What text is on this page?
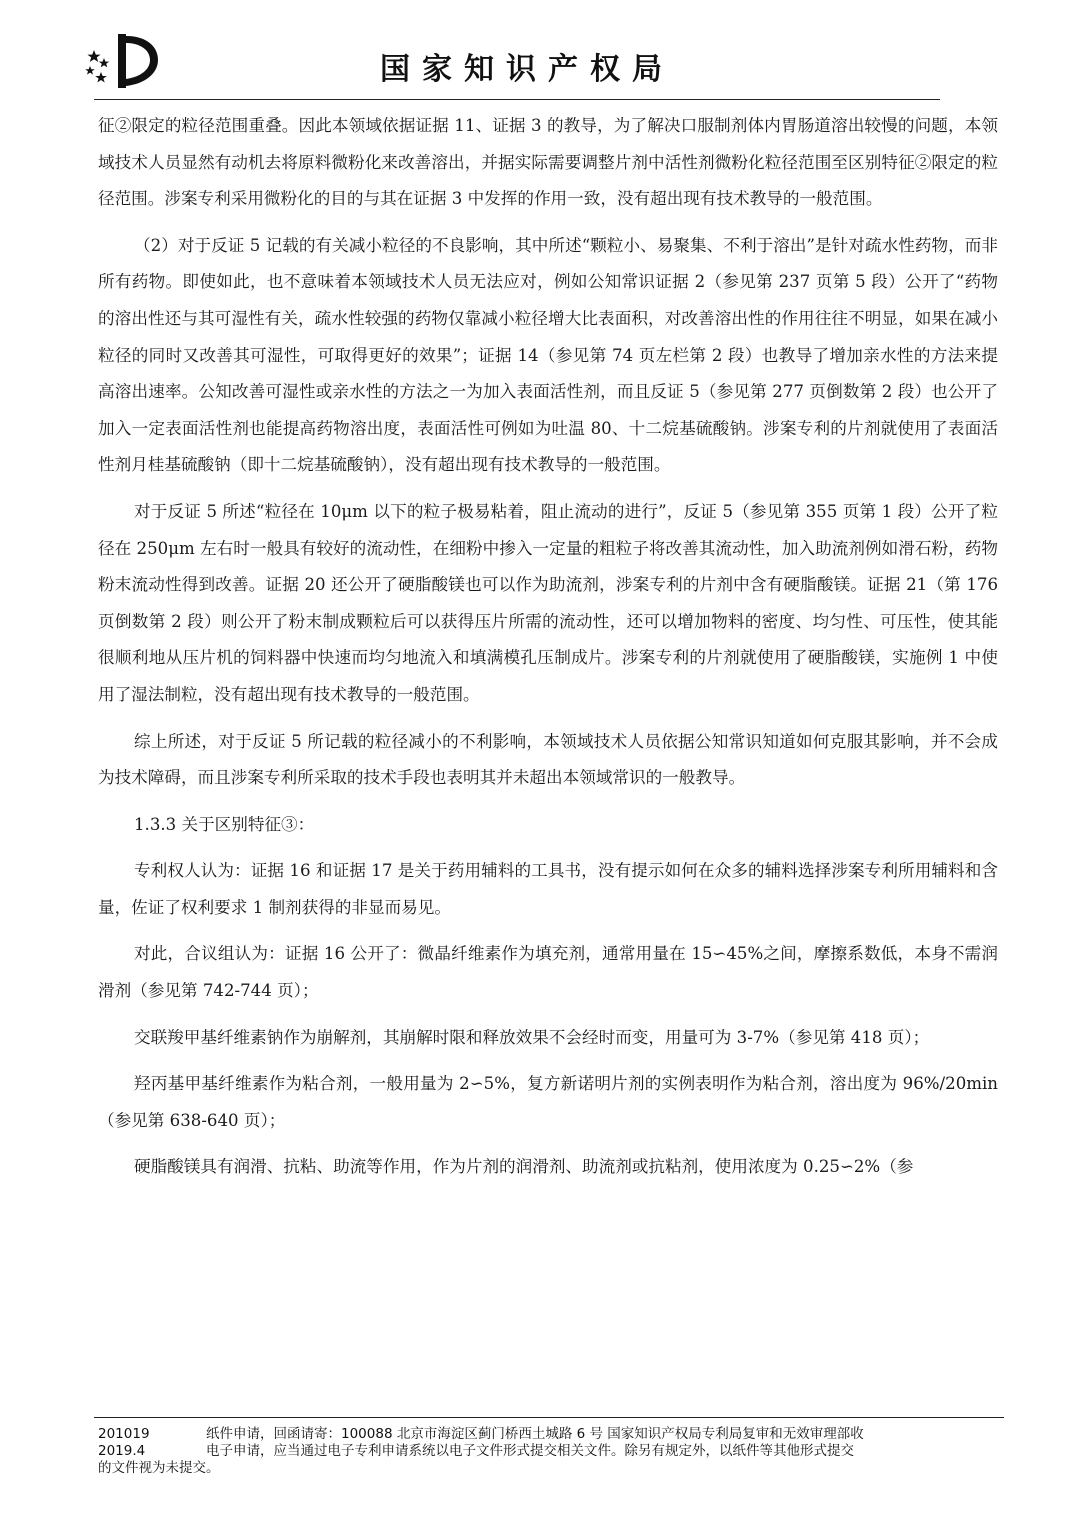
国家知识产权局

征②限定的粒径范围重叠。因此本领域依据证据 11、证据 3 的教导，为了解决口服制剂体内胃肠道溶出较慢的问题，本领域技术人员显然有动机去将原料微粉化来改善溶出，并据实际需要调整片剂中活性剂微粉化粒径范围至区别特征②限定的粒径范围。涉案专利采用微粉化的目的与其在证据 3 中发挥的作用一致，没有超出现有技术教导的一般范围。

（2）对于反证 5 记载的有关减小粒径的不良影响，其中所述“颗粒小、易聚集、不利于溶出”是针对疏水性药物，而非所有药物。即使如此，也不意味着本领域技术人员无法应对，例如公知常识证据 2（参见第 237 页第 5 段）公开了“药物的溶出性还与其可湿性有关，疏水性较强的药物仅靠减小粒径增大比表面积，对改善溶出性的作用往往不明显，如果在减小粒径的同时又改善其可湿性，可取得更好的效果”；证据 14（参见第 74 页左栏第 2 段）也教导了增加亲水性的方法来提高溶出速率。公知改善可湿性或亲水性的方法之一为加入表面活性剂，而且反证 5（参见第 277 页倒数第 2 段）也公开了加入一定表面活性剂也能提高药物溶出度，表面活性可例如为吐温 80、十二烷基硫酸钠。涉案专利的片剂就使用了表面活性剂月桂基硫酸钠（即十二烷基硫酸钠），没有超出现有技术教导的一般范围。

对于反证 5 所述“粒径在 10μm 以下的粒子极易粘着，阻止流动的进行”，反证 5（参见第 355 页第 1 段）公开了粒径在 250μm 左右时一般具有较好的流动性，在细粉中掺入一定量的粗粒子将改善其流动性，加入助流剂例如滑石粉，药物粉末流动性得到改善。证据 20 还公开了硬脂酸镁也可以作为助流剂，涉案专利的片剂中含有硬脂酸镁。证据 21（第 176 页倒数第 2 段）则公开了粉末制成颗粒后可以获得压片所需的流动性，还可以增加物料的密度、均匀性、可压性，使其能很顺利地从压片机的饲料器中快速而均匀地流入和填满模孔压制成片。涉案专利的片剂就使用了硬脂酸镁，实施例 1 中使用了湿法制粒，没有超出现有技术教导的一般范围。

综上所述，对于反证 5 所记载的粒径减小的不利影响，本领域技术人员依据公知常识知道如何克服其影响，并不会成为技术障碍，而且涉案专利所采取的技术手段也表明其并未超出本领域常识的一般教导。

1.3.3 关于区别特征③：

专利权人认为：证据 16 和证据 17 是关于药用辅料的工具书，没有提示如何在众多的辅料选择涉案专利所用辅料和含量，佐证了权利要求 1 制剂获得的非显而易见。

对此，合议组认为：证据 16 公开了：微晶纤维素作为填充剂，通常用量在 15∽45%之间，摩擦系数低，本身不需润滑剂（参见第 742-744 页）；

交联羧甲基纤维素钠作为崩解剂，其崩解时限和释放效果不会经时而变，用量可为 3-7%（参见第 418 页）；

羟丙基甲基纤维素作为粘合剂，一般用量为 2∽5%，复方新诺明片剂的实例表明作为粘合剂，溶出度为 96%/20min（参见第 638-640 页）；

硬脂酸镁具有润滑、抗粘、助流等作用，作为片剂的润滑剂、助流剂或抗粘剂，使用浓度为 0.25∽2%（参

201019	纸件申请，回函请寄：100088 北京市海淀区蓟门桥西土城路 6 号 国家知识产权局专利局复审和无效审理部收
2019.4	电子申请，应当通过电子专利申请系统以电子文件形式提交相关文件。除另有规定外，以纸件等其他形式提交
的文件视为未提交。
